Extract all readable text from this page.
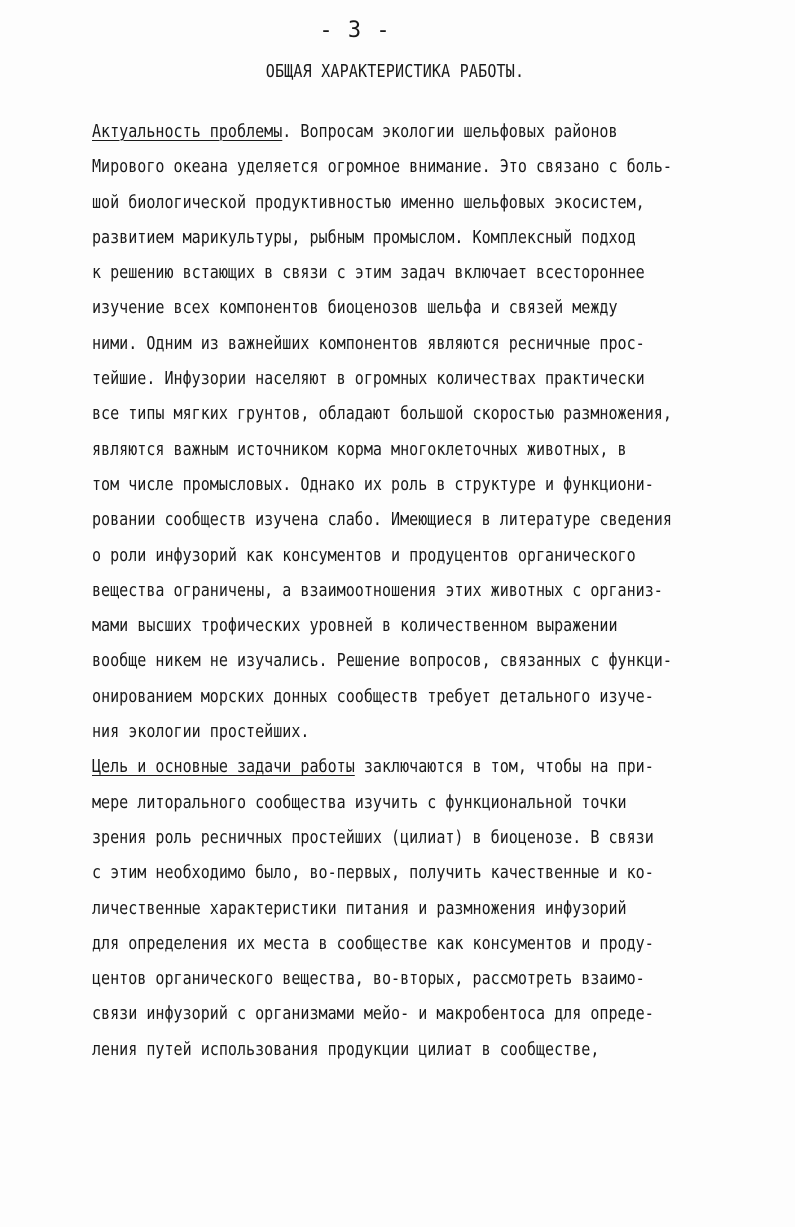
- 3 -
ОБЩАЯ ХАРАКТЕРИСТИКА РАБОТЫ.
Актуальность проблемы. Вопросам экологии шельфовых районов
Мирового океана уделяется огромное внимание. Это связано с боль-
шой биологической продуктивностью именно шельфовых экосистем,
развитием марикультуры, рыбным промыслом. Комплексный подход
к решению встающих в связи с этим задач включает всестороннее
изучение всех компонентов биоценозов шельфа и связей между
ними. Одним из важнейших компонентов являются ресничные прос-
тейшие. Инфузории населяют в огромных количествах практически
все типы мягких грунтов, обладают большой скоростью размножения,
являются важным источником корма многоклеточных животных, в
том числе промысловых. Однако их роль в структуре и функциони-
ровании сообществ изучена слабо. Имеющиеся в литературе сведения
о роли инфузорий как консументов и продуцентов органического
вещества ограничены, а взаимоотношения этих животных с организ-
мами высших трофических уровней в количественном выражении
вообще никем не изучались. Решение вопросов, связанных с функци-
онированием морских донных сообществ требует детального изуче-
ния экологии простейших.
Цель и основные задачи работы заключаются в том, чтобы на при-
мере литорального сообщества изучить с функциональной точки
зрения роль ресничных простейших (цилиат) в биоценозе. В связи
с этим необходимо было, во-первых, получить качественные и ко-
личественные характеристики питания и размножения инфузорий
для определения их места в сообществе как консументов и проду-
центов органического вещества, во-вторых, рассмотреть взаимо-
связи инфузорий с организмами мейо- и макробентоса для опреде-
ления путей использования продукции цилиат в сообществе,
